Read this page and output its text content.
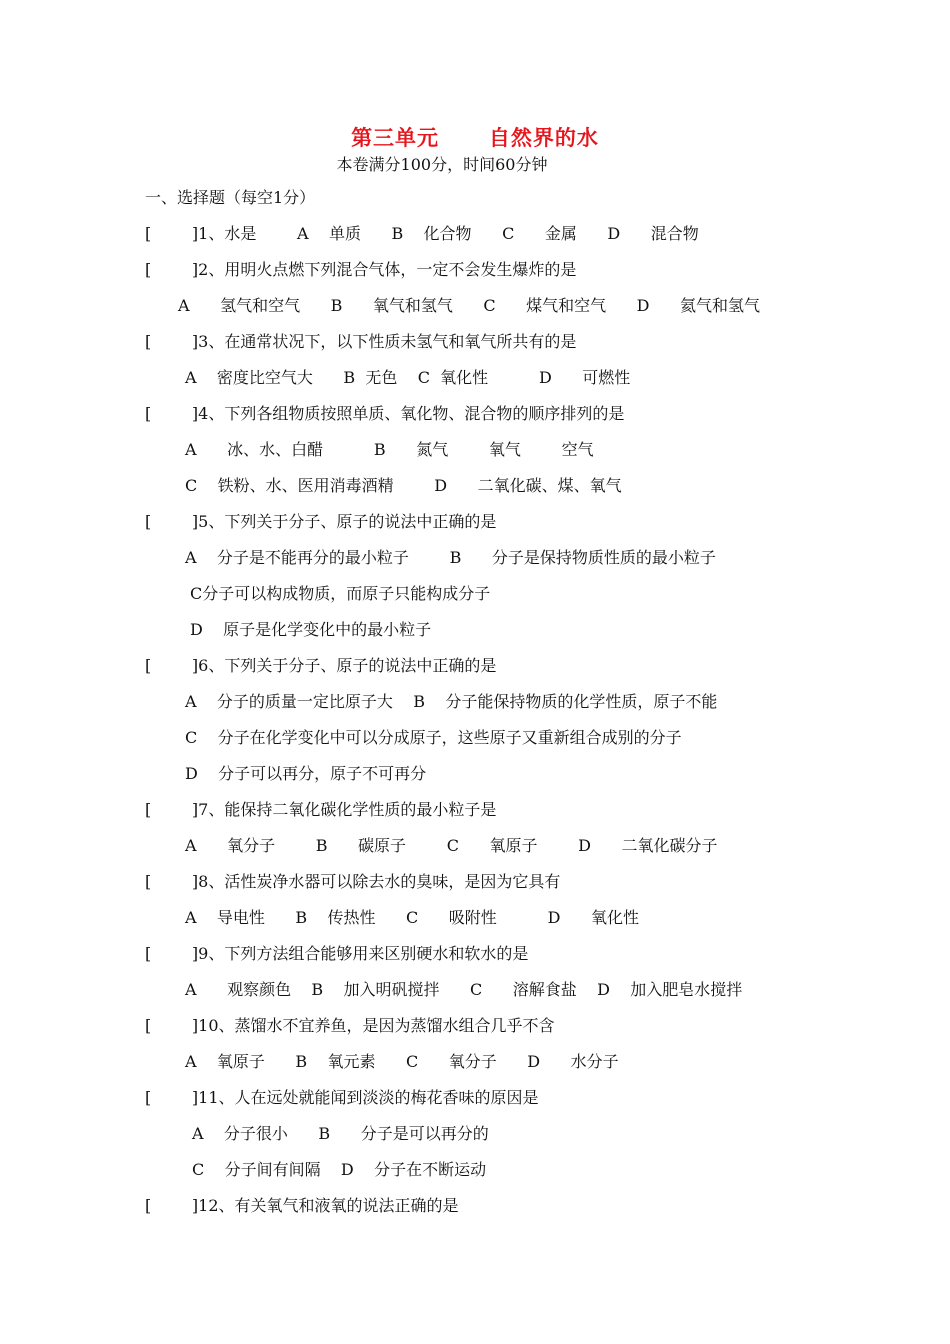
第三单元      自然界的水
本卷满分100分，时间60分钟
一、选择题（每空1分）
[        ]1、水是        A    单质      B    化合物      C      金属      D      混合物
[        ]2、用明火点燃下列混合气体，一定不会发生爆炸的是
A      氢气和空气      B      氧气和氢气      C      煤气和空气      D      氦气和氢气
[        ]3、在通常状况下，以下性质未氢气和氧气所共有的是
A    密度比空气大      B  无色    C  氧化性          D      可燃性
[        ]4、下列各组物质按照单质、氧化物、混合物的顺序排列的是
A      冰、水、白醋          B      氮气        氧气        空气
C    铁粉、水、医用消毒酒精        D      二氧化碳、煤、氧气
[        ]5、下列关于分子、原子的说法中正确的是
A    分子是不能再分的最小粒子        B      分子是保持物质性质的最小粒子
C分子可以构成物质，而原子只能构成分子
D    原子是化学变化中的最小粒子
[        ]6、下列关于分子、原子的说法中正确的是
A    分子的质量一定比原子大    B    分子能保持物质的化学性质，原子不能
C    分子在化学变化中可以分成原子，这些原子又重新组合成别的分子
D    分子可以再分，原子不可再分
[        ]7、能保持二氧化碳化学性质的最小粒子是
A      氧分子        B      碳原子        C      氧原子        D      二氧化碳分子
[        ]8、活性炭净水器可以除去水的臭味，是因为它具有
A    导电性      B    传热性      C      吸附性          D      氧化性
[        ]9、下列方法组合能够用来区别硬水和软水的是
A      观察颜色    B    加入明矾搅拌      C      溶解食盐    D    加入肥皂水搅拌
[        ]10、蒸馏水不宜养鱼，是因为蒸馏水组合几乎不含
A    氧原子      B    氧元素      C      氧分子      D      水分子
[        ]11、人在远处就能闻到淡淡的梅花香味的原因是
A    分子很小      B      分子是可以再分的
C    分子间有间隔    D    分子在不断运动
[        ]12、有关氧气和液氧的说法正确的是
